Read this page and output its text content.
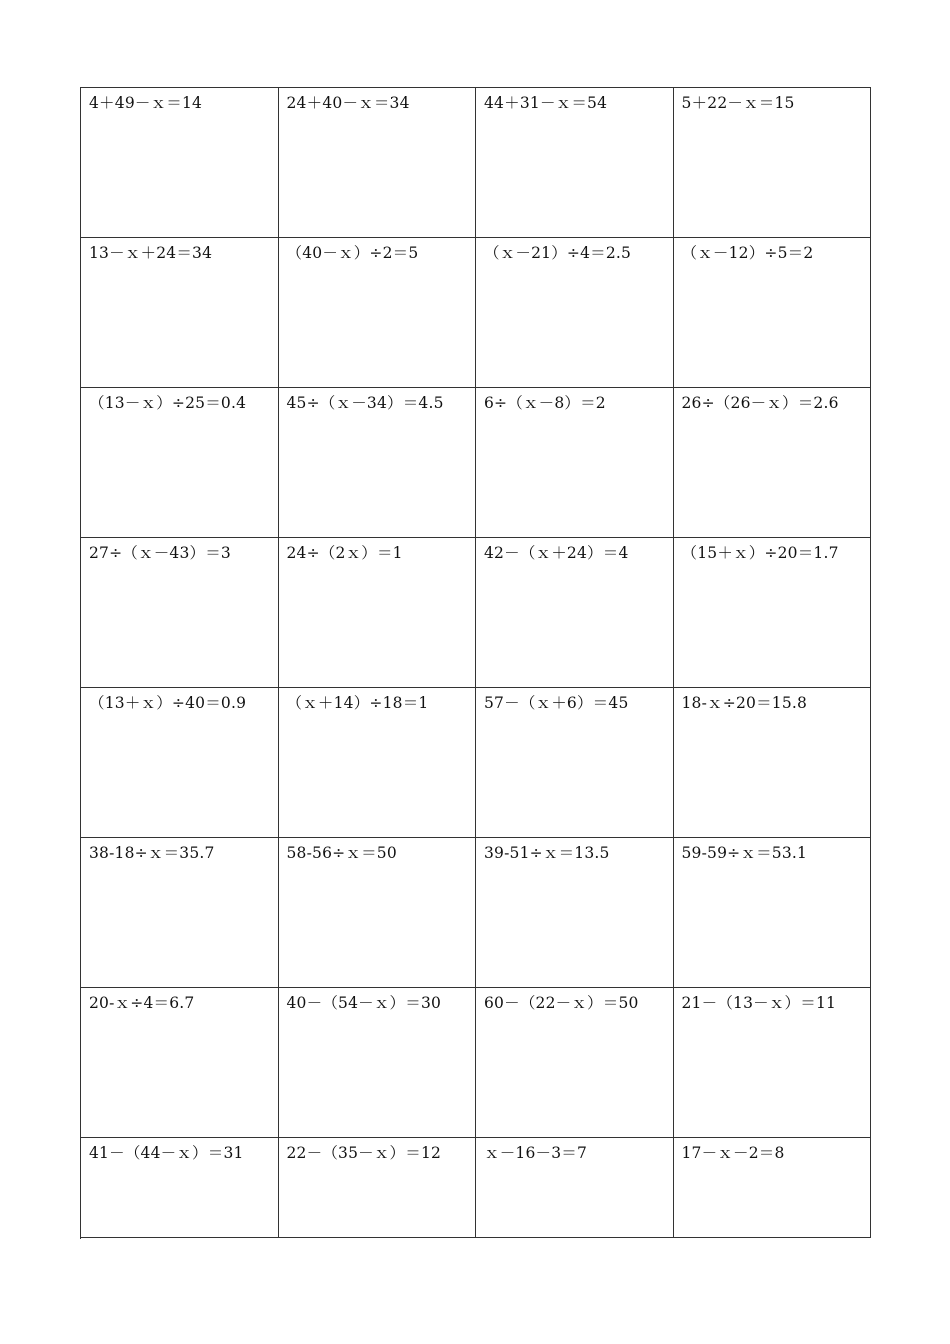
4＋49－ｘ＝14	24＋40－ｘ＝34	44＋31－ｘ＝54	5＋22－ｘ＝15
13－ｘ＋24＝34	（40－ｘ）÷2＝5	（ｘ－21）÷4＝2.5	（ｘ－12）÷5＝2
（13－ｘ）÷25＝0.4	45÷（ｘ－34）＝4.5	6÷（ｘ－8）＝2	26÷（26－ｘ）＝2.6
27÷（ｘ－43）＝3	24÷（2ｘ）＝1	42－（ｘ＋24）＝4	（15＋ｘ）÷20＝1.7
（13＋ｘ）÷40＝0.9	（ｘ＋14）÷18＝1	57－（ｘ＋6）＝45	18-ｘ÷20＝15.8
38-18÷ｘ＝35.7	58-56÷ｘ＝50	39-51÷ｘ＝13.5	59-59÷ｘ＝53.1
20-ｘ÷4＝6.7	40－（54－ｘ）＝30	60－（22－ｘ）＝50	21－（13－ｘ）＝11
41－（44－ｘ）＝31	22－（35－ｘ）＝12	ｘ－16－3＝7	17－ｘ－2＝8
